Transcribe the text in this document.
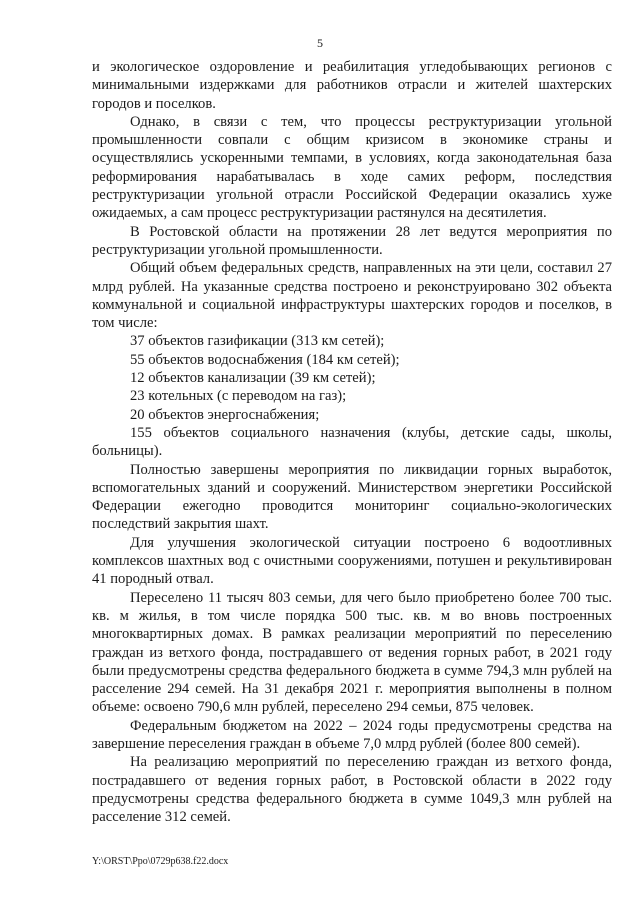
5

и экологическое оздоровление и реабилитация угледобывающих регионов с минимальными издержками для работников отрасли и жителей шахтерских городов и поселков.

Однако, в связи с тем, что процессы реструктуризации угольной промышленности совпали с общим кризисом в экономике страны и осуществлялись ускоренными темпами, в условиях, когда законодательная база реформирования нарабатывалась в ходе самих реформ, последствия реструктуризации угольной отрасли Российской Федерации оказались хуже ожидаемых, а сам процесс реструктуризации растянулся на десятилетия.

В Ростовской области на протяжении 28 лет ведутся мероприятия по реструктуризации угольной промышленности.

Общий объем федеральных средств, направленных на эти цели, составил 27 млрд рублей. На указанные средства построено и реконструировано 302 объекта коммунальной и социальной инфраструктуры шахтерских городов и поселков, в том числе:

37 объектов газификации (313 км сетей);

55 объектов водоснабжения (184 км сетей);

12 объектов канализации (39 км сетей);

23 котельных (с переводом на газ);

20 объектов энергоснабжения;

155 объектов социального назначения (клубы, детские сады, школы, больницы).

Полностью завершены мероприятия по ликвидации горных выработок, вспомогательных зданий и сооружений. Министерством энергетики Российской Федерации ежегодно проводится мониторинг социально-экологических последствий закрытия шахт.

Для улучшения экологической ситуации построено 6 водоотливных комплексов шахтных вод с очистными сооружениями, потушен и рекультивирован 41 породный отвал.

Переселено 11 тысяч 803 семьи, для чего было приобретено более 700 тыс. кв. м жилья, в том числе порядка 500 тыс. кв. м во вновь построенных многоквартирных домах. В рамках реализации мероприятий по переселению граждан из ветхого фонда, пострадавшего от ведения горных работ, в 2021 году были предусмотрены средства федерального бюджета в сумме 794,3 млн рублей на расселение 294 семей. На 31 декабря 2021 г. мероприятия выполнены в полном объеме: освоено 790,6 млн рублей, переселено 294 семьи, 875 человек.

Федеральным бюджетом на 2022 – 2024 годы предусмотрены средства на завершение переселения граждан в объеме 7,0 млрд рублей (более 800 семей).

На реализацию мероприятий по переселению граждан из ветхого фонда, пострадавшего от ведения горных работ, в Ростовской области в 2022 году предусмотрены средства федерального бюджета в сумме 1049,3 млн рублей на расселение 312 семей.

Y:\ORST\Ppo\0729p638.f22.docx
